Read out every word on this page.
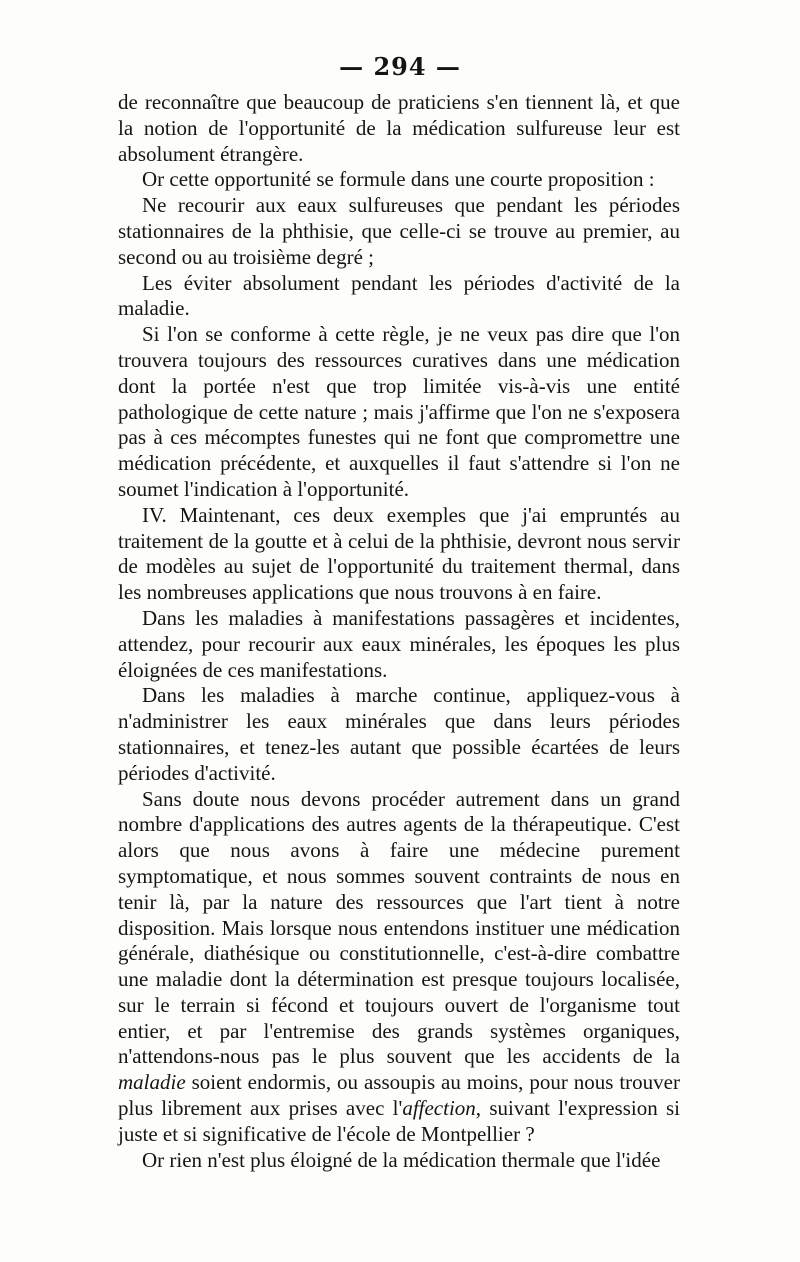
— 294 —

de reconnaître que beaucoup de praticiens s'en tiennent là, et que la notion de l'opportunité de la médication sulfureuse leur est absolument étrangère.

Or cette opportunité se formule dans une courte proposition :

Ne recourir aux eaux sulfureuses que pendant les périodes stationnaires de la phthisie, que celle-ci se trouve au premier, au second ou au troisième degré ;

Les éviter absolument pendant les périodes d'activité de la maladie.

Si l'on se conforme à cette règle, je ne veux pas dire que l'on trouvera toujours des ressources curatives dans une médication dont la portée n'est que trop limitée vis-à-vis une entité pathologique de cette nature ; mais j'affirme que l'on ne s'exposera pas à ces mécomptes funestes qui ne font que compromettre une médication précédente, et auxquelles il faut s'attendre si l'on ne soumet l'indication à l'opportunité.

IV. Maintenant, ces deux exemples que j'ai empruntés au traitement de la goutte et à celui de la phthisie, devront nous servir de modèles au sujet de l'opportunité du traitement thermal, dans les nombreuses applications que nous trouvons à en faire.

Dans les maladies à manifestations passagères et incidentes, attendez, pour recourir aux eaux minérales, les époques les plus éloignées de ces manifestations.

Dans les maladies à marche continue, appliquez-vous à n'administrer les eaux minérales que dans leurs périodes stationnaires, et tenez-les autant que possible écartées de leurs périodes d'activité.

Sans doute nous devons procéder autrement dans un grand nombre d'applications des autres agents de la thérapeutique. C'est alors que nous avons à faire une médecine purement symptomatique, et nous sommes souvent contraints de nous en tenir là, par la nature des ressources que l'art tient à notre disposition. Mais lorsque nous entendons instituer une médication générale, diathésique ou constitutionnelle, c'est-à-dire combattre une maladie dont la détermination est presque toujours localisée, sur le terrain si fécond et toujours ouvert de l'organisme tout entier, et par l'entremise des grands systèmes organiques, n'attendons-nous pas le plus souvent que les accidents de la maladie soient endormis, ou assoupis au moins, pour nous trouver plus librement aux prises avec l'affection, suivant l'expression si juste et si significative de l'école de Montpellier ?

Or rien n'est plus éloigné de la médication thermale que l'idée
